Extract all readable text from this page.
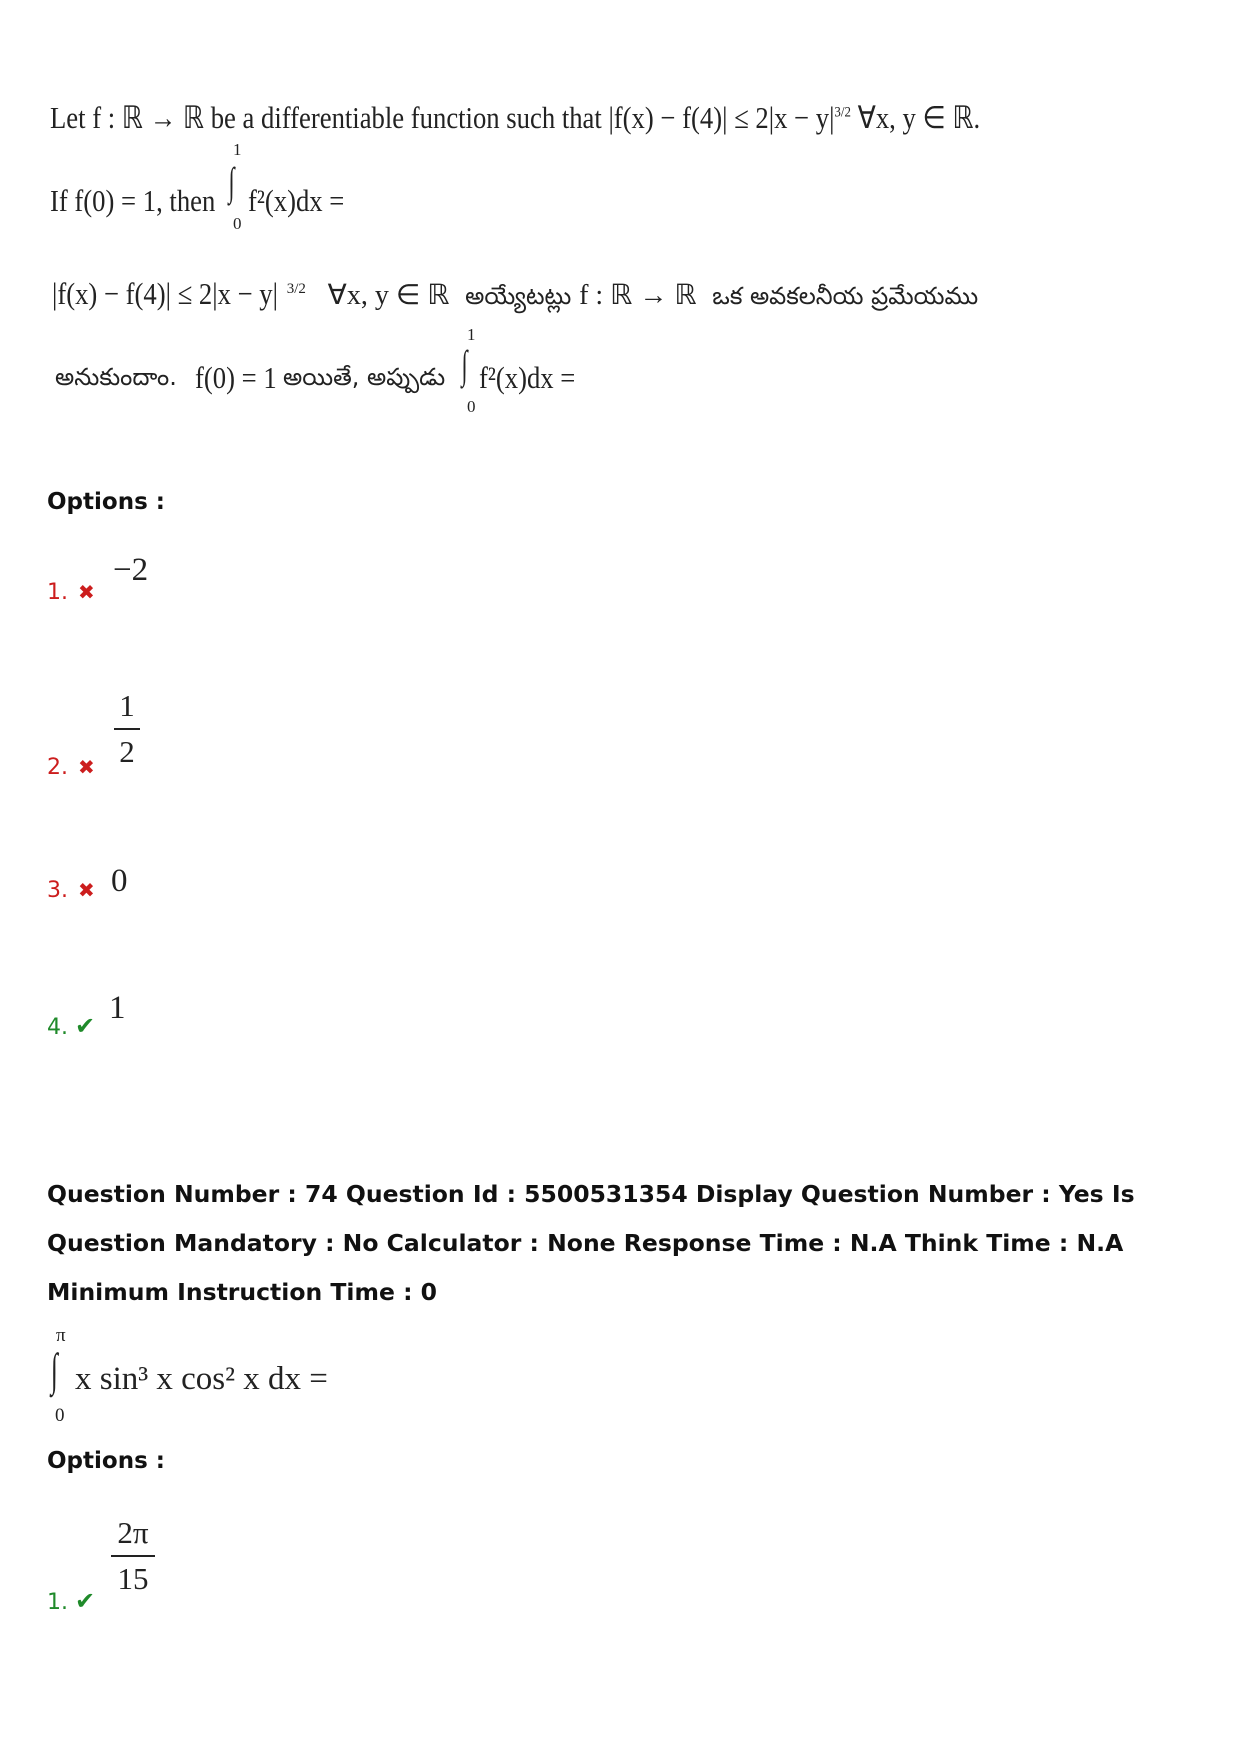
Let f : ℝ → ℝ be a differentiable function such that $|f(x) - f(4)| \le 2|x - y|^{3/2}$ ∀x, y ∈ ℝ.
If f(0) = 1, then
1
∫
0
f²(x)dx =
|f(x) − f(4)| ≤ 2|x − y| $^{3/2}$ ∀x, y ∈ ℝ అయ్యేటట్లు f : ℝ → ℝ ఒక అవకలనీయ ప్రమేయము
అనుకుందాం. f(0) = 1 అయితే, అప్పుడు
1
∫
0
f²(x)dx =
Options :
1. ✖
−2
2. ✖
1
2
3. ✖ 0
4. ✔ 1
Question Number : 74 Question Id : 5500531354 Display Question Number : Yes Is Question Mandatory : No Calculator : None Response Time : N.A Think Time : N.A Minimum Instruction Time : 0
π
∫
0
x sin³ x cos² x dx =
Options :
1. ✔
2π
15
